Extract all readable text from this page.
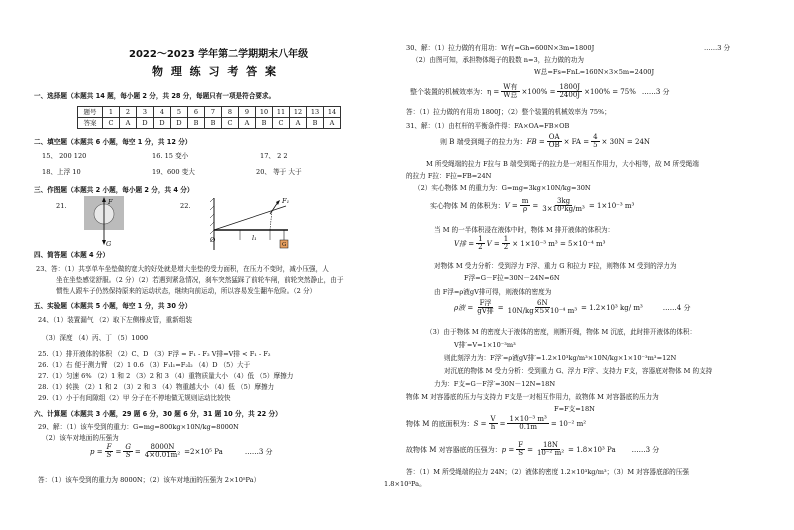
2022～2023 学年第二学期期末八年级
物 理 练 习 考 答 案
一、选择题（本题共 14 题，每小题 2 分，共 28 分，每题只有一项是符合要求。
题号	1	2	3	4	5	6	7	8	9	10	11	12	13	14
答案	C	A	D	D	D	B	B	C	A	B	C	A	B	A
二、填空题（本题共 6 小题，每空 1 分，共 12 分）
15、 200 120	16. 15 变小	17、 2 2
18、上浮 10	19、600 变大	20、 等于 大于
三、作图题（本题共 2 小题，每小题 2 分，共 4 分）
21.	22.
F
G
F₁
l₁
O
G
四、简答题（本题 4 分）
23、答：（1）共享单车坐垫做的宽大的好处就是增大坐垫的受力面积，在压力不变时，减小压强，人
坐在坐垫感觉舒服。（2 分）（2）若遇到紧急情况，刹车突然猛踩了前轮车闸，前轮突然静止，由于
惯性人跟车子仍然保持原来的运动状态，继续向前运动，所以容易发生翻车危险。（2 分）
五、实验题（本题共 5 小题，每空 1 分，共 30 分）
24、（1）装置漏气 （2）取下左侧橡皮管，重新组装
（3）深度 （4）丙、丁 （5）1000
25.（1）排开液体的体积 （2）C、D （3）F浮 = F₁ - F₂ V排=V排 < F₁ - F₂
26.（1）右 便于测力臂 （2）1 0.6 （3）F₁l₁=F₂l₂ （4）D （5）大于
27.（1）匀速 6% （2）1 和 2 （3）2 和 3 （4）重物质量大小 （4）低 （5）摩擦力
28.（1）转换 （2）1 和 2 （3）2 和 3 （4）物重越大小 （4）低 （5）摩擦力
29.（1）小于有间隙组（2）甲 分子在不停地做无规则运动比较快
六、计算题（本题共 3 小题，29 题 6 分，30 题 6 分，31 题 10 分，共 22 分）
29、解：（1）该车受到的重力：G=mg=800kg×10N/kg=8000N
（2）该车对地面的压强为
$p = \frac{F}{S} = \frac{G}{S} = \frac{8000N}{\text{4×0.01m²}} =2\times 10^5$ Pa	……3 分
答：（1）该车受到的重力为 8000N；（2）该车对地面的压强为 2×10⁵Pa）
30、解：（1）拉力做的有用功：W有=Gh=600N×3m=1800J	……3 分
（2）由图可知，承担物体绳子的股数 n=3，拉力做的功为
W总=Fs=FnL=160N×3×5m=2400J
整个装置的机械效率为：$\eta = \frac{\text{W有}}{\text{W总}} \times 100\% = \frac{1800J}{2400J} \times 100\% = 75\%$ ……3 分
答：（1）拉力做的有用功 1800J；（2）整个装置的机械效率为 75%；
31、解：（1）由杠杆的平衡条件得：FA×OA=FB×OB
则 B 端受到绳子的拉力为： FB = $\frac{OA}{OB}$ × FA = $\frac{4}{5} \times 30N = 24N$
M 所受绳端的拉力 F拉与 B 端受到绳子的拉力是一对相互作用力，大小相等，故 M 所受绳端
的拉力 F拉：F拉=FB=24N
（2）实心物体 M 的重力为：G=mg=3kg×10N/kg=30N
实心物体 M 的体积为： $V = \frac{m}{\rho} = \frac{3kg}{\text{3×10³kg/m³}} = 1\times 10^{-3}$ m³
当 M 的一半体积浸在液体中时，物体 M 排开液体的体积为：
V排 = $\frac{1}{2}$ $V = \frac{1}{2} \times 1\times 10^{-3}$ m³ = 5×10⁻⁴ m³
对物体 M 受力分析：受到浮力 F浮、重力 G 和拉力 F拉，则物体 M 受到的浮力为
F浮=G－F拉=30N－24N=6N
由 F浮=ρ液gV排可得，则液体的密度为
ρ液 = $\frac{\text{F浮}}{\text{gV排}} = \frac{6N}{\text{10N/kg×5×10⁻⁴ m³}} = 1.2\times 10^3$ kg/ m³	……4 分
（3）由于物体 M 的密度大于液体的密度，则断开绳，物体 M 沉底，此时排开液体的体积：
V排′=V=1×10⁻³m³
则此刻浮力为：F浮′=ρ液gV排′=1.2×10³kg/m³×10N/kg×1×10⁻³m³=12N
对沉底的物体 M 受力分析：受到重力 G、浮力 F浮′、支持力 F支，容器底对物体 M 的支持
力为：F支=G－F浮′=30N－12N=18N
物体 M 对容器底的压力与支持力 F支是一对相互作用力，故物体 M 对容器底的压力为
F=F支=18N
物体 M 的底面积为： $S = \frac{V}{h} = \frac{\text{1×10⁻³ m³}}{0.1m} = 10^{-2}$ m²
故物体 M 对容器底的压强为： $p = \frac{F}{S} = \frac{18N}{\text{10⁻² m²}} = 1.8\times 10^3$ Pa ……3 分
答：（1）M 所受绳端的拉力 24N；（2）液体的密度 1.2×10³kg/m³；（3）M 对容器底部的压强
1.8×10³Pa。
